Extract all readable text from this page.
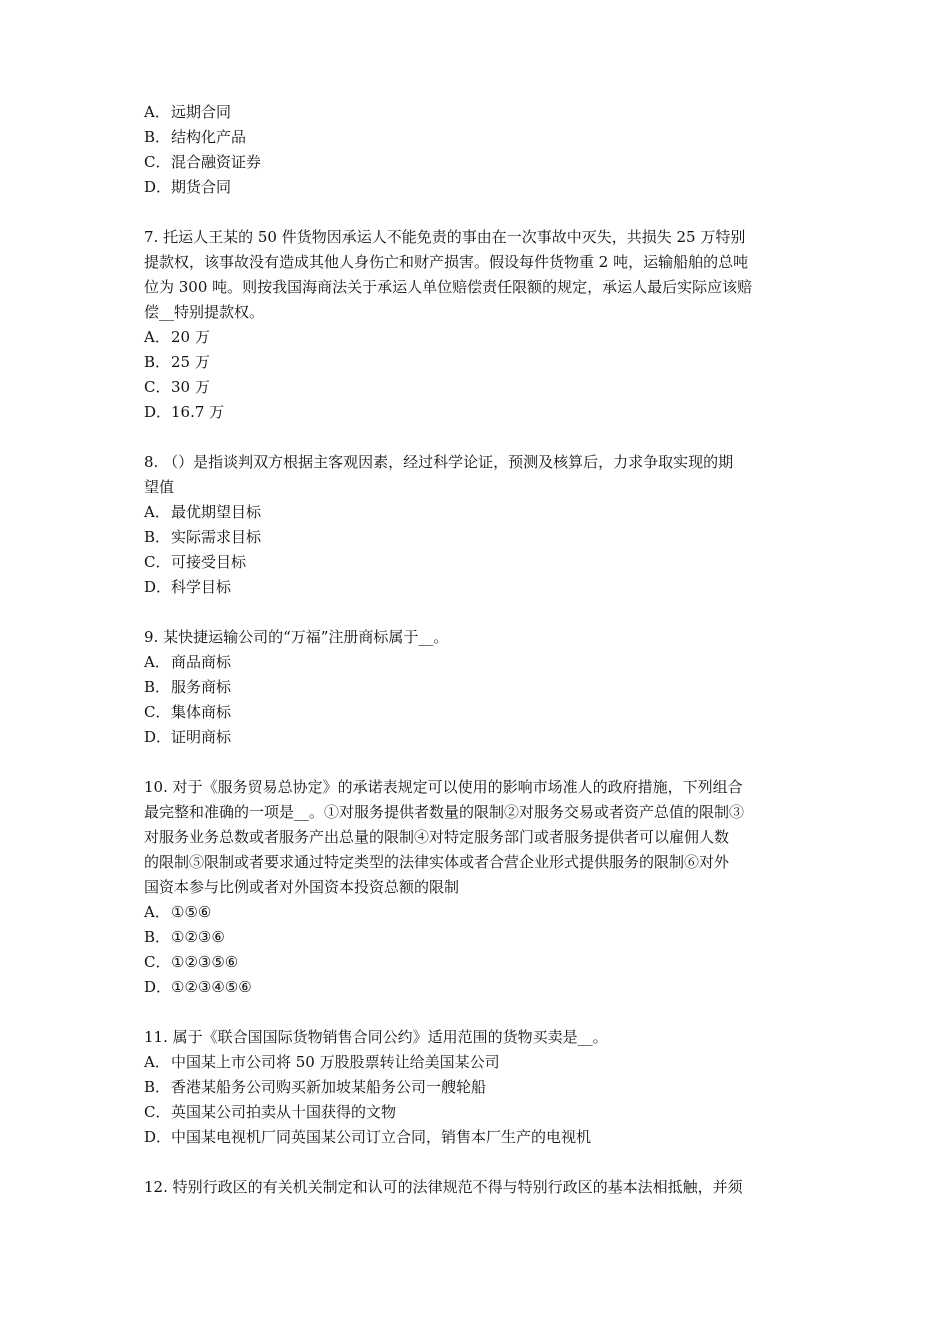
A．远期合同
B．结构化产品
C．混合融资证券
D．期货合同
7. 托运人王某的 50 件货物因承运人不能免责的事由在一次事故中灭失，共损失 25 万特别
提款权，该事故没有造成其他人身伤亡和财产损害。假设每件货物重 2 吨，运输船舶的总吨
位为 300 吨。则按我国海商法关于承运人单位赔偿责任限额的规定，承运人最后实际应该赔
偿__特别提款权。
A．20 万
B．25 万
C．30 万
D．16.7 万
8. （）是指谈判双方根据主客观因素，经过科学论证，预测及核算后，力求争取实现的期
望值
A．最优期望目标
B．实际需求目标
C．可接受目标
D．科学目标
9. 某快捷运输公司的“万福”注册商标属于__。
A．商品商标
B．服务商标
C．集体商标
D．证明商标
10. 对于《服务贸易总协定》的承诺表规定可以使用的影响市场准人的政府措施，下列组合
最完整和准确的一项是__。①对服务提供者数量的限制②对服务交易或者资产总值的限制③
对服务业务总数或者服务产出总量的限制④对特定服务部门或者服务提供者可以雇佣人数
的限制⑤限制或者要求通过特定类型的法律实体或者合营企业形式提供服务的限制⑥对外
国资本参与比例或者对外国资本投资总额的限制
A．①⑤⑥
B．①②③⑥
C．①②③⑤⑥
D．①②③④⑤⑥
11. 属于《联合国国际货物销售合同公约》适用范围的货物买卖是__。
A．中国某上市公司将 50 万股股票转让给美国某公司
B．香港某船务公司购买新加坡某船务公司一艘轮船
C．英国某公司拍卖从十国获得的文物
D．中国某电视机厂同英国某公司订立合同，销售本厂生产的电视机
12. 特别行政区的有关机关制定和认可的法律规范不得与特别行政区的基本法相抵触，并须
